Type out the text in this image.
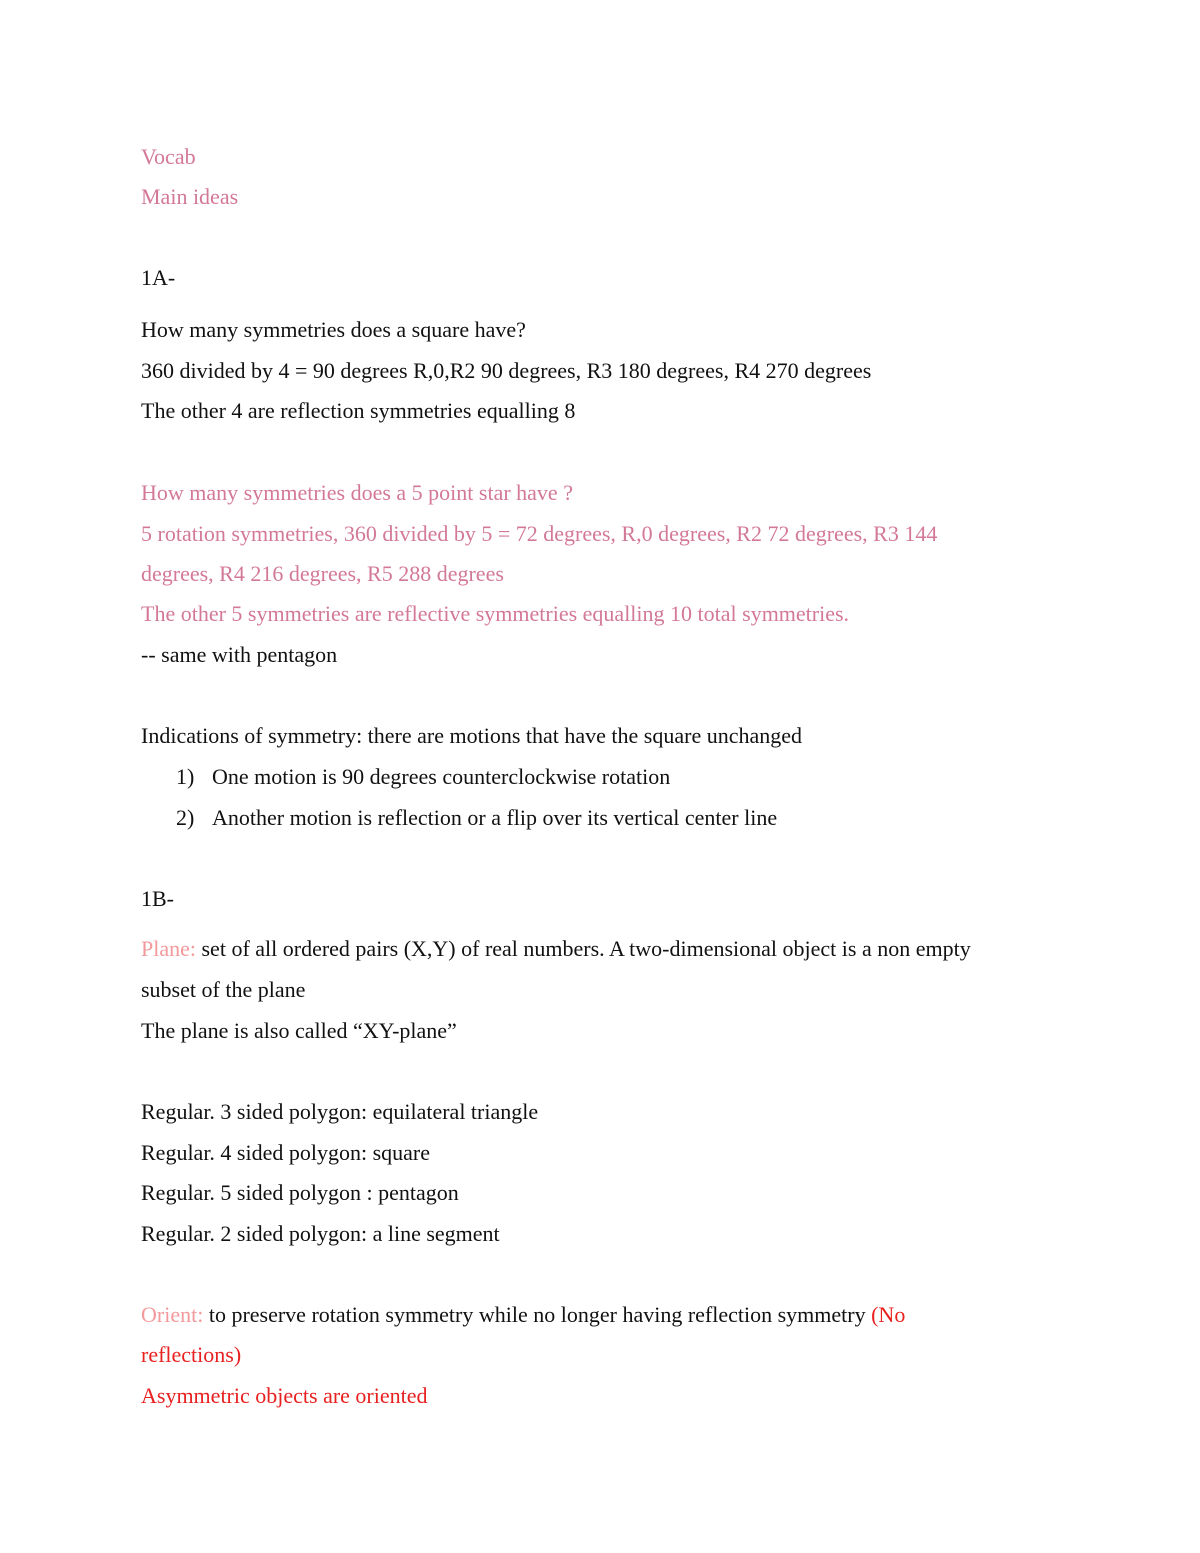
Vocab
Main ideas
1A-
How many symmetries does a square have?
360 divided by 4 = 90 degrees R,0,R2 90 degrees, R3 180 degrees, R4 270 degrees
The other 4 are reflection symmetries equalling 8
How many symmetries does a 5 point star have ?
5 rotation symmetries, 360 divided by 5 = 72 degrees, R,0 degrees, R2 72 degrees, R3 144
degrees, R4 216 degrees, R5 288 degrees
The other 5 symmetries are reflective symmetries equalling 10 total symmetries.
-- same with pentagon
Indications of symmetry: there are motions that have the square unchanged
1) One motion is 90 degrees counterclockwise rotation
2) Another motion is reflection or a flip over its vertical center line
1B-
Plane: set of all ordered pairs (X,Y) of real numbers. A two-dimensional object is a non empty
subset of the plane
The plane is also called “XY-plane”
Regular. 3 sided polygon: equilateral triangle
Regular. 4 sided polygon: square
Regular. 5 sided polygon : pentagon
Regular. 2 sided polygon: a line segment
Orient: to preserve rotation symmetry while no longer having reflection symmetry (No
reflections)
Asymmetric objects are oriented
